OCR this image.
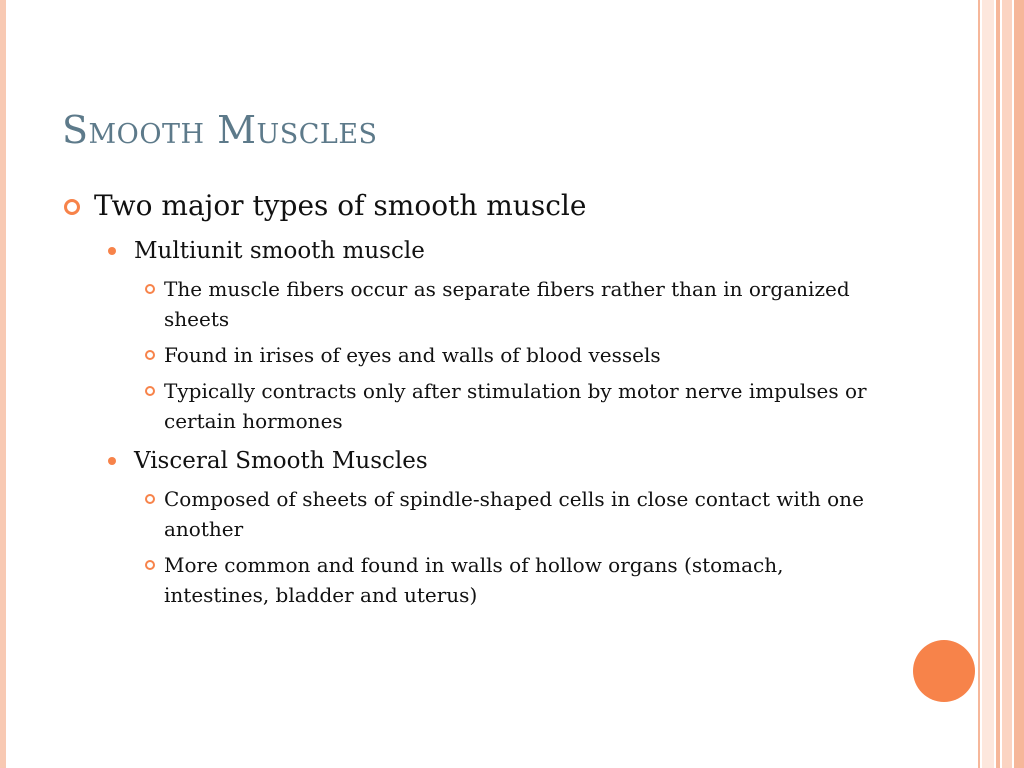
Smooth Muscles
Two major types of smooth muscle
Multiunit smooth muscle
The muscle fibers occur as separate fibers rather than in organized sheets
Found in irises of eyes and walls of blood vessels
Typically contracts only after stimulation by motor nerve impulses or certain hormones
Visceral Smooth Muscles
Composed of sheets of spindle-shaped cells in close contact with one another
More common and found in walls of hollow organs (stomach, intestines, bladder and uterus)
